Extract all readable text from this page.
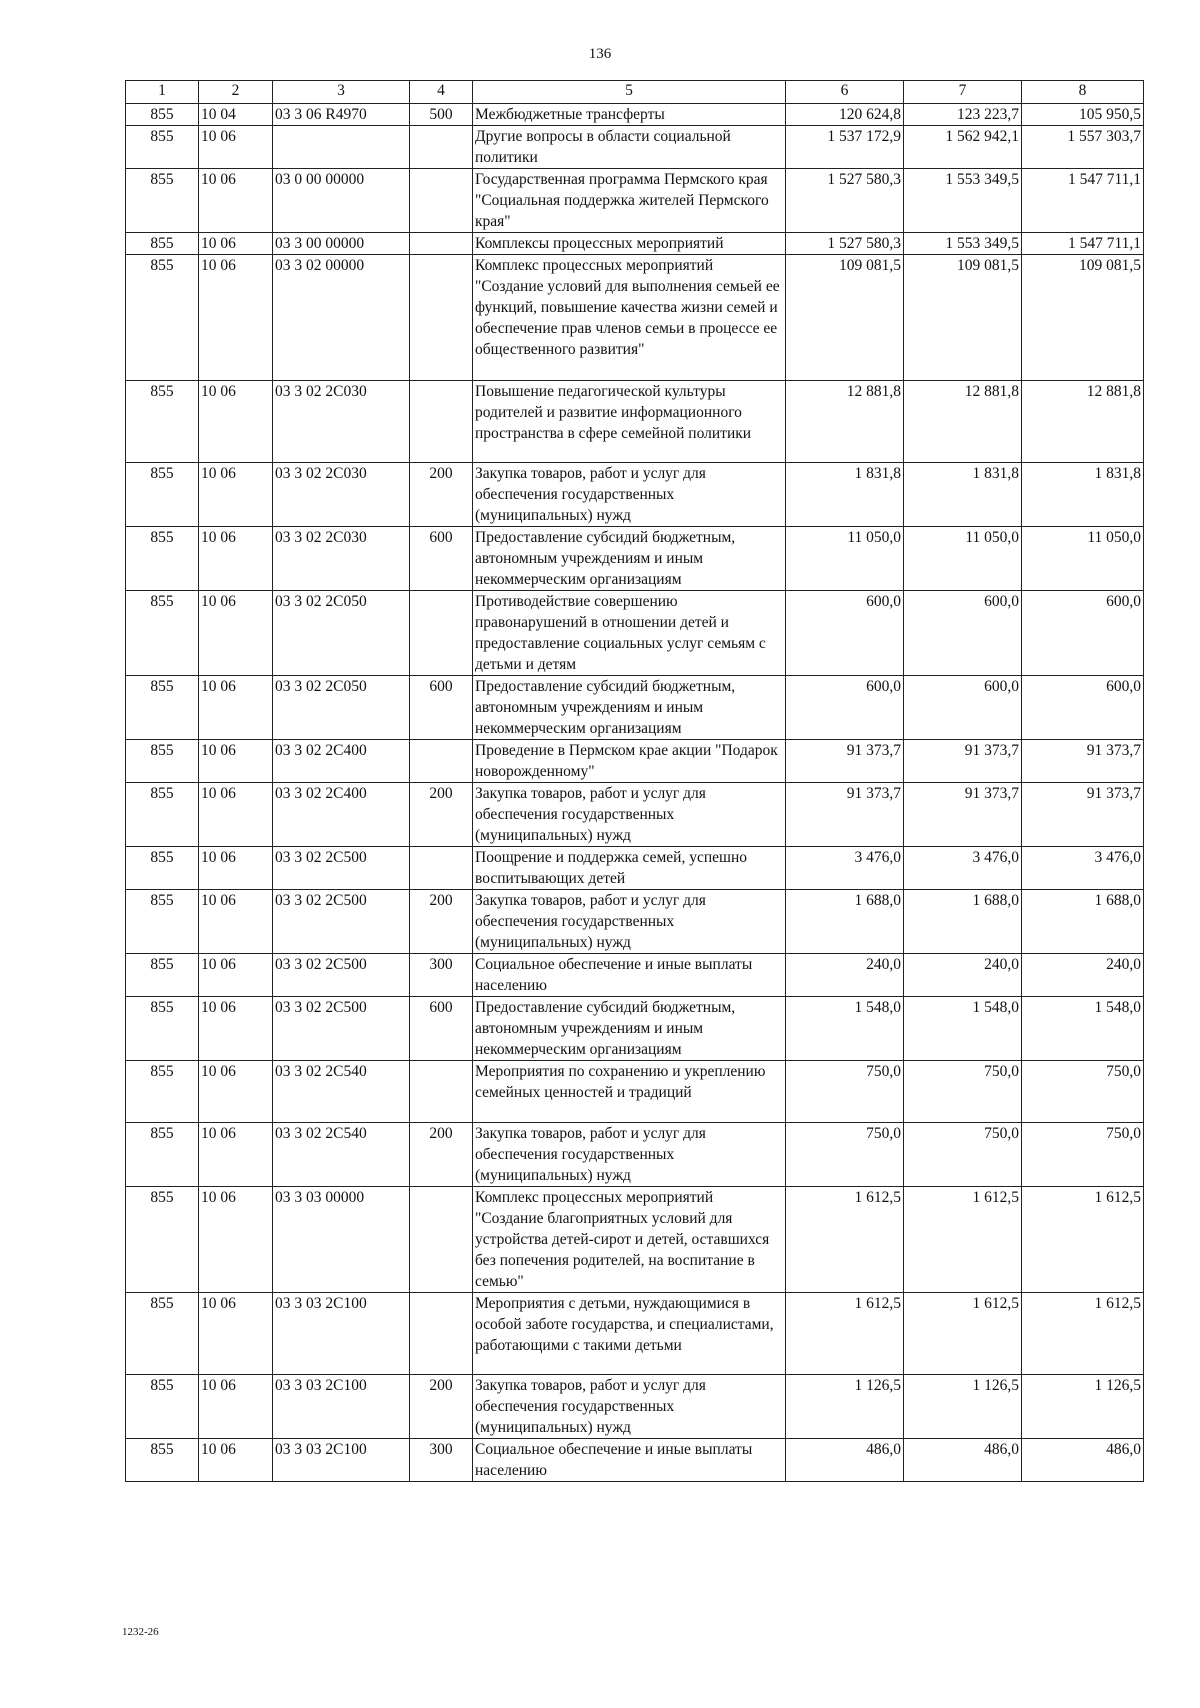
136
1	2	3	4	5	6	7	8
855	10 04	03 3 06 R4970	500	Межбюджетные трансферты	120 624,8	123 223,7	105 950,5
855	10 06			Другие вопросы в области социальной политики	1 537 172,9	1 562 942,1	1 557 303,7
855	10 06	03 0 00 00000		Государственная программа Пермского края "Социальная поддержка жителей Пермского края"	1 527 580,3	1 553 349,5	1 547 711,1
855	10 06	03 3 00 00000		Комплексы процессных мероприятий	1 527 580,3	1 553 349,5	1 547 711,1
855	10 06	03 3 02 00000		Комплекс процессных мероприятий "Создание условий для выполнения семьей ее функций, повышение качества жизни семей и обеспечение прав членов семьи в процессе ее общественного развития"	109 081,5	109 081,5	109 081,5
855	10 06	03 3 02 2С030		Повышение педагогической культуры родителей и развитие информационного пространства в сфере семейной политики	12 881,8	12 881,8	12 881,8
855	10 06	03 3 02 2С030	200	Закупка товаров, работ и услуг для обеспечения государственных (муниципальных) нужд	1 831,8	1 831,8	1 831,8
855	10 06	03 3 02 2С030	600	Предоставление субсидий бюджетным, автономным учреждениям и иным некоммерческим организациям	11 050,0	11 050,0	11 050,0
855	10 06	03 3 02 2С050		Противодействие совершению правонарушений в отношении детей и предоставление социальных услуг семьям с детьми и детям	600,0	600,0	600,0
855	10 06	03 3 02 2С050	600	Предоставление субсидий бюджетным, автономным учреждениям и иным некоммерческим организациям	600,0	600,0	600,0
855	10 06	03 3 02 2С400		Проведение в Пермском крае акции "Подарок новорожденному"	91 373,7	91 373,7	91 373,7
855	10 06	03 3 02 2С400	200	Закупка товаров, работ и услуг для обеспечения государственных (муниципальных) нужд	91 373,7	91 373,7	91 373,7
855	10 06	03 3 02 2С500		Поощрение и поддержка семей, успешно воспитывающих детей	3 476,0	3 476,0	3 476,0
855	10 06	03 3 02 2С500	200	Закупка товаров, работ и услуг для обеспечения государственных (муниципальных) нужд	1 688,0	1 688,0	1 688,0
855	10 06	03 3 02 2С500	300	Социальное обеспечение и иные выплаты населению	240,0	240,0	240,0
855	10 06	03 3 02 2С500	600	Предоставление субсидий бюджетным, автономным учреждениям и иным некоммерческим организациям	1 548,0	1 548,0	1 548,0
855	10 06	03 3 02 2С540		Мероприятия по сохранению и укреплению семейных ценностей и традиций	750,0	750,0	750,0
855	10 06	03 3 02 2С540	200	Закупка товаров, работ и услуг для обеспечения государственных (муниципальных) нужд	750,0	750,0	750,0
855	10 06	03 3 03 00000		Комплекс процессных мероприятий "Создание благоприятных условий для устройства детей-сирот и детей, оставшихся без попечения родителей, на воспитание в семью"	1 612,5	1 612,5	1 612,5
855	10 06	03 3 03 2С100		Мероприятия с детьми, нуждающимися в особой заботе государства, и специалистами, работающими с такими детьми	1 612,5	1 612,5	1 612,5
855	10 06	03 3 03 2С100	200	Закупка товаров, работ и услуг для обеспечения государственных (муниципальных) нужд	1 126,5	1 126,5	1 126,5
855	10 06	03 3 03 2С100	300	Социальное обеспечение и иные выплаты населению	486,0	486,0	486,0
1232-26
